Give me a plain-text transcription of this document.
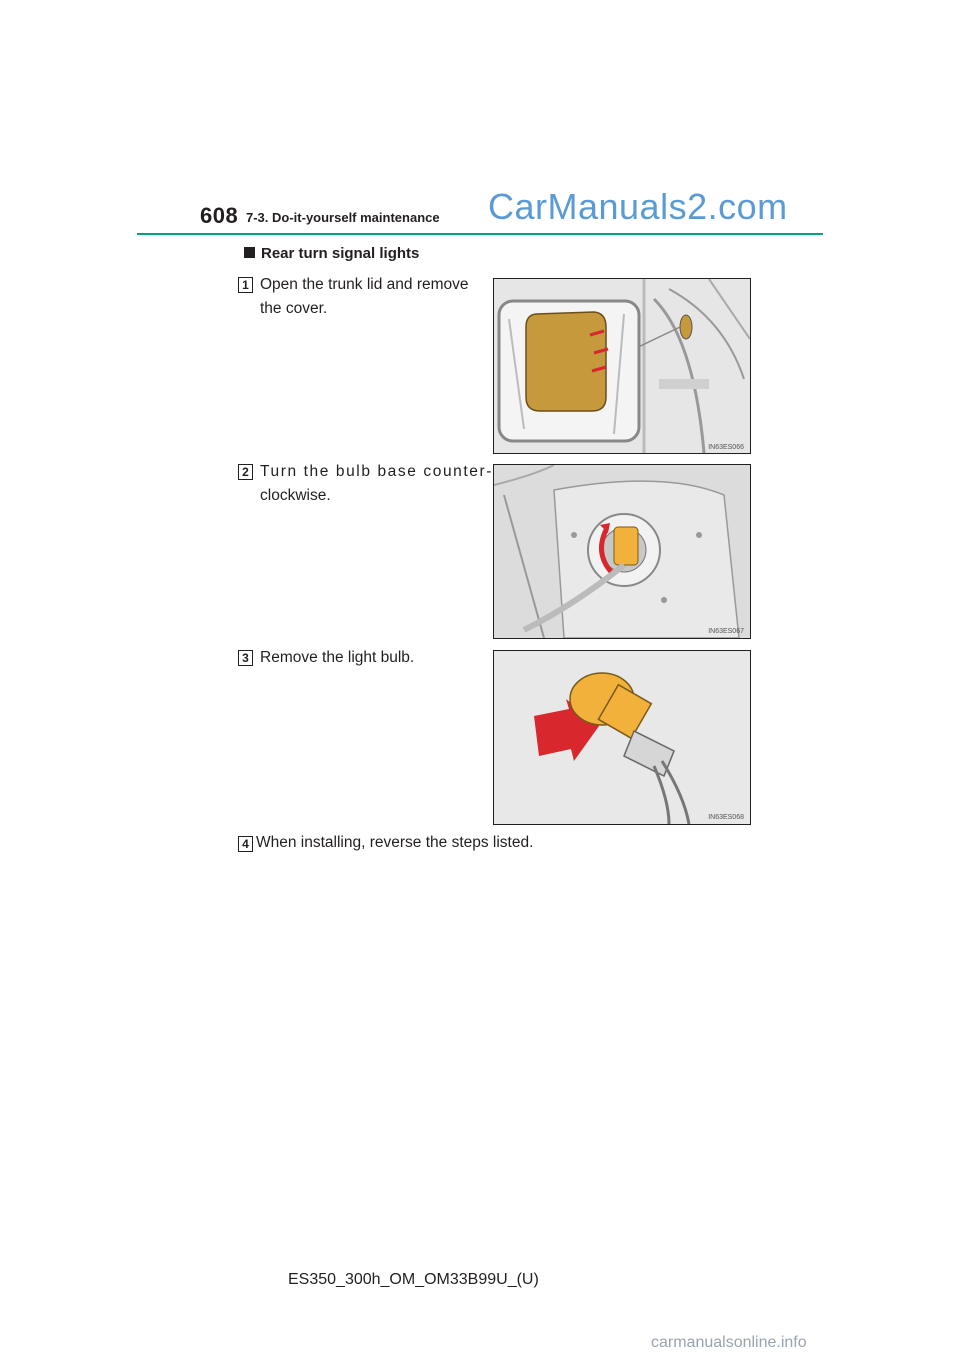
608 7-3. Do-it-yourself maintenance CarManuals2.com
Rear turn signal lights
1 Open the trunk lid and remove
the cover.
IN63ES066
2 Turn the bulb base counter-
clockwise.
IN63ES067
3 Remove the light bulb.
IN63ES068
4 When installing, reverse the steps listed.
ES350_300h_OM_OM33B99U_(U)
carmanualsonline.info
